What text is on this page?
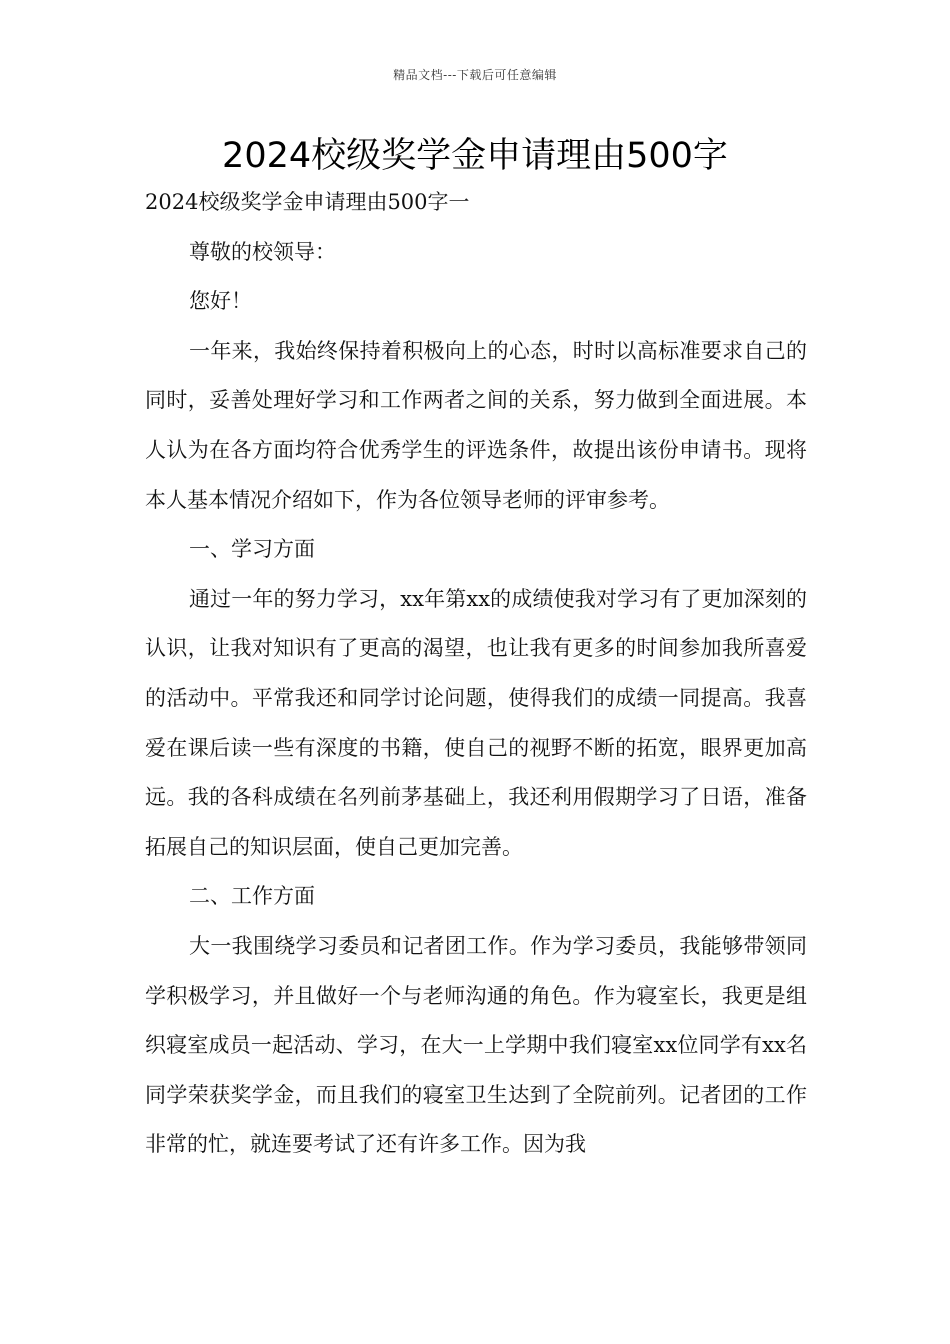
精品文档---下载后可任意编辑
2024校级奖学金申请理由500字

2024校级奖学金申请理由500字一

尊敬的校领导：

您好！

一年来，我始终保持着积极向上的心态，时时以高标准要求自己的同时，妥善处理好学习和工作两者之间的关系，努力做到全面进展。本人认为在各方面均符合优秀学生的评选条件，故提出该份申请书。现将本人基本情况介绍如下，作为各位领导老师的评审参考。

一、学习方面

通过一年的努力学习，xx年第xx的成绩使我对学习有了更加深刻的认识，让我对知识有了更高的渴望，也让我有更多的时间参加我所喜爱的活动中。平常我还和同学讨论问题，使得我们的成绩一同提高。我喜爱在课后读一些有深度的书籍，使自己的视野不断的拓宽，眼界更加高远。我的各科成绩在名列前茅基础上，我还利用假期学习了日语，准备拓展自己的知识层面，使自己更加完善。

二、工作方面

大一我围绕学习委员和记者团工作。作为学习委员，我能够带领同学积极学习，并且做好一个与老师沟通的角色。作为寝室长，我更是组织寝室成员一起活动、学习，在大一上学期中我们寝室xx位同学有xx名同学荣获奖学金，而且我们的寝室卫生达到了全院前列。记者团的工作非常的忙，就连要考试了还有许多工作。因为我
